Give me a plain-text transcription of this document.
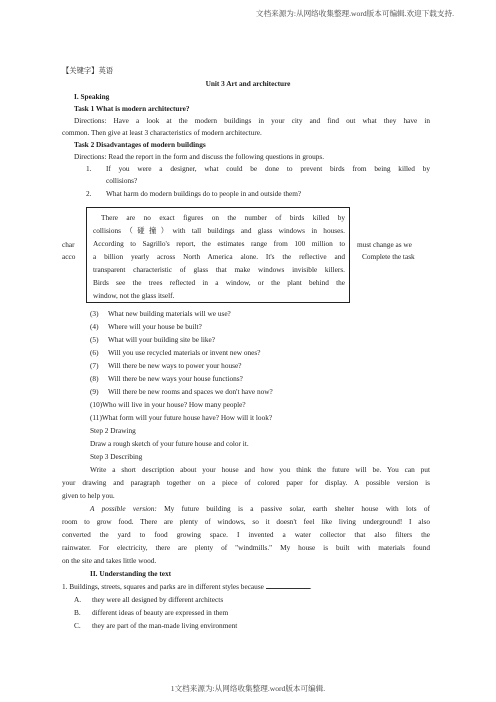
文档来源为:从网络收集整理.word版本可编辑.欢迎下载支持.
【关键字】英语
Unit 3 Art and architecture
I. Speaking
Task 1 What is modern architecture?
Directions: Have a look at the modern buildings in your city and find out what they have in
common. Then give at least 3 characteristics of modern architecture.
Task 2 Disadvantages of modern buildings
Directions: Read the report in the form and discuss the following questions in groups.
1. If you were a designer, what could be done to prevent birds from being killed by
collisions?
2. What harm do modern buildings do to people in and outside them?
char
acco
must change as we
Complete the task
There are no exact figures on the number of birds killed by
collisions（碰撞）with tall buildings and glass windows in houses.
According to Sagrillo's report, the estimates range from 100 million to
a billion yearly across North America alone. It's the reflective and
transparent characteristic of glass that make windows invisible killers.
Birds see the trees reflected in a window, or the plant behind the
window, not the glass itself.
(3) What new building materials will we use?
(4) Where will your house be built?
(5) What will your building site be like?
(6) Will you use recycled materials or invent new ones?
(7) Will there be new ways to power your house?
(8) Will there be new ways your house functions?
(9) Will there be new rooms and spaces we don't have now?
(10)Who will live in your house? How many people?
(11)What form will your future house have? How will it look?
Step 2 Drawing
Draw a rough sketch of your future house and color it.
Step 3 Describing
Write a short description about your house and how you think the future will be. You can put
your drawing and paragraph together on a piece of colored paper for display. A possible version is
given to help you.
A possible version: My future building is a passive solar, earth shelter house with lots of
room to grow food. There are plenty of windows, so it doesn't feel like living underground! I also
converted the yard to food growing space. I invented a water collector that also filters the
rainwater. For electricity, there are plenty of "windmills." My house is built with materials found
on the site and takes little wood.
II. Understanding the text
1. Buildings, streets, squares and parks are in different styles because	.
A. they were all designed by different architects
B. different ideas of beauty are expressed in them
C. they are part of the man-made living environment
1文档来源为:从网络收集整理.word版本可编辑.
